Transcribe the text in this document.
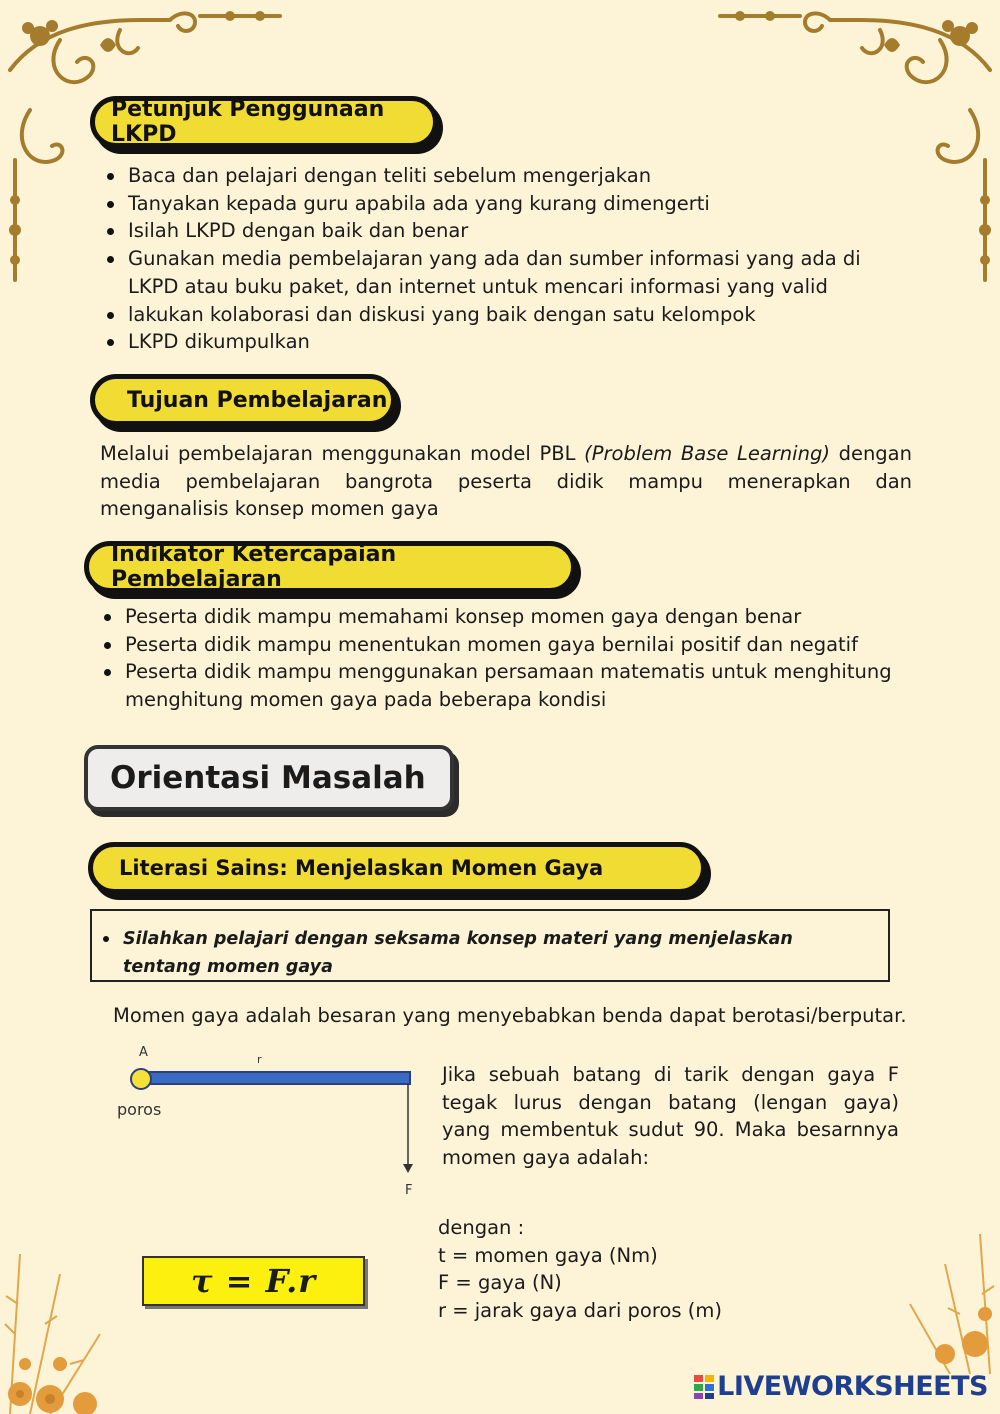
Petunjuk Penggunaan LKPD
Baca dan pelajari dengan teliti sebelum mengerjakan
Tanyakan kepada guru apabila ada yang kurang dimengerti
Isilah LKPD dengan baik dan benar
Gunakan media pembelajaran yang ada dan sumber informasi yang ada di LKPD atau buku paket, dan internet untuk mencari informasi yang valid
lakukan kolaborasi dan diskusi yang baik dengan satu kelompok
LKPD dikumpulkan
Tujuan Pembelajaran
Melalui pembelajaran menggunakan model PBL (Problem Base Learning) dengan media pembelajaran bangrota peserta didik mampu menerapkan dan menganalisis konsep momen gaya
Indikator Ketercapaian Pembelajaran
Peserta didik mampu memahami konsep momen gaya dengan benar
Peserta didik mampu menentukan momen gaya bernilai positif dan negatif
Peserta didik mampu menggunakan persamaan matematis untuk menghitung menghitung momen gaya pada beberapa kondisi
Orientasi Masalah
Literasi Sains: Menjelaskan Momen Gaya
Silahkan pelajari dengan seksama konsep materi yang menjelaskan tentang momen gaya
Momen gaya adalah besaran yang menyebabkan benda dapat berotasi/berputar.
A	r
poros
F
Jika sebuah batang di tarik dengan gaya F tegak lurus dengan batang (lengan gaya) yang membentuk sudut 90. Maka besarnnya momen gaya adalah:
τ = F.r
dengan :
t = momen gaya (Nm)
F = gaya (N)
r = jarak gaya dari poros (m)
LIVEWORKSHEETS
